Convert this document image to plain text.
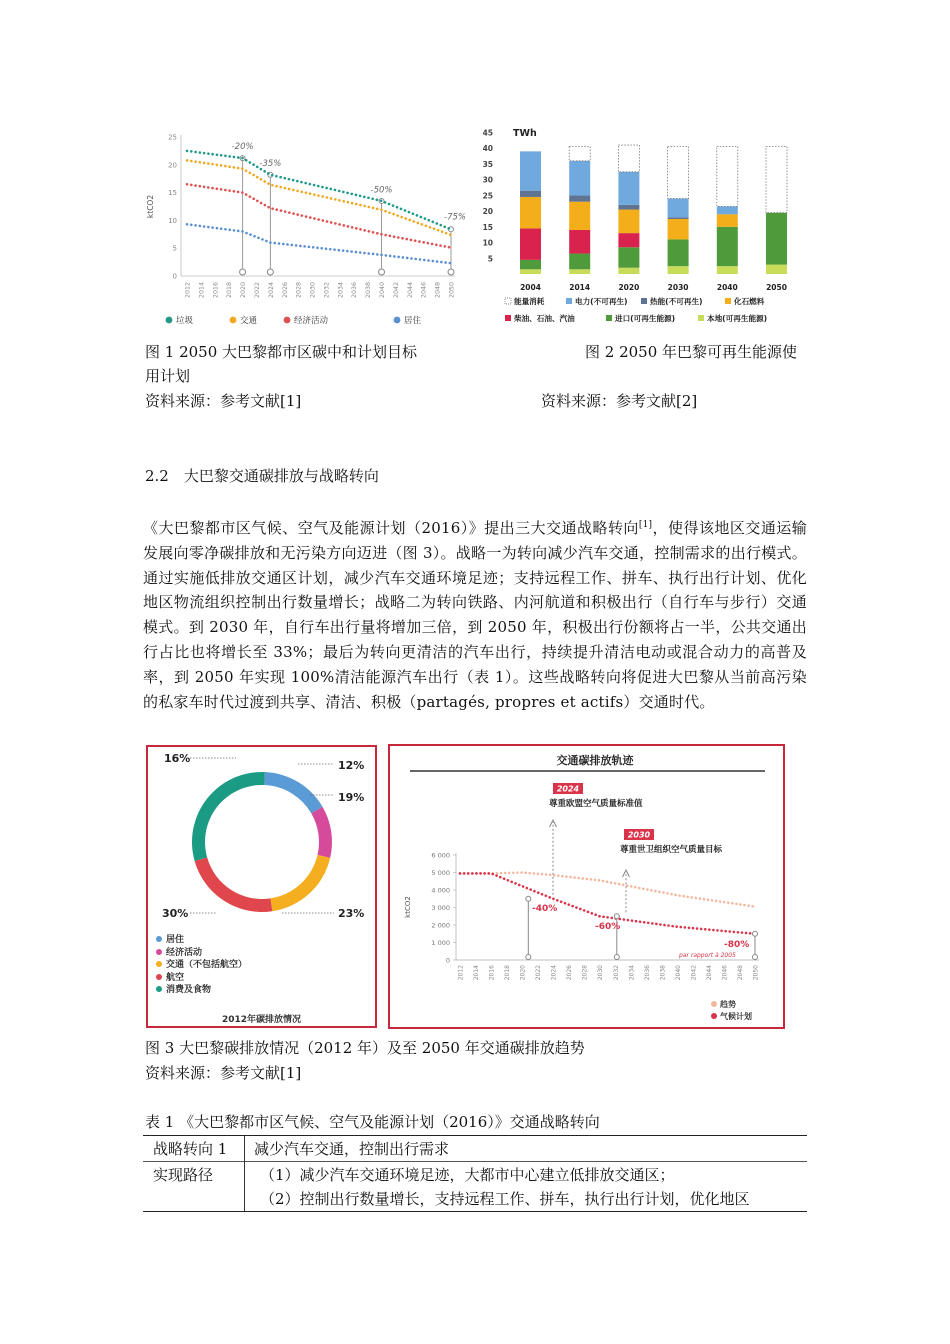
0
5
10
15
20
25
ktCO2
2012 2014 2016 2018 2020 2022 2024 2026 2028 2030 2032 2034 2036 2038 2040 2042 2044 2046 2048 2050
-20%
-35%
-50%
-75%
垃圾	交通	经济活动	居住
5
10
15
20
25
30
35
40
45 TWh
2004	2014	2020	2030	2040	2050
能量消耗	电力(不可再生)	热能(不可再生)	化石燃料
柴油、石油、汽油	进口(可再生能源)	本地(可再生能源)
图 1 2050 大巴黎都市区碳中和计划目标
用计划
图 2 2050 年巴黎可再生能源使
资料来源：参考文献[1]	资料来源：参考文献[2]
2.2　大巴黎交通碳排放与战略转向
《大巴黎都市区气候、空气及能源计划（2016）》提出三大交通战略转向[1]，使得该地区交通运输发展向零净碳排放和无污染方向迈进（图 3）。战略一为转向减少汽车交通，控制需求的出行模式。通过实施低排放交通区计划，减少汽车交通环境足迹；支持远程工作、拼车、执行出行计划、优化地区物流组织控制出行数量增长；战略二为转向铁路、内河航道和积极出行（自行车与步行）交通模式。到 2030 年，自行车出行量将增加三倍，到 2050 年，积极出行份额将占一半，公共交通出行占比也将增长至 33%；最后为转向更清洁的汽车出行，持续提升清洁电动或混合动力的高普及率，到 2050 年实现 100%清洁能源汽车出行（表 1）。这些战略转向将促进大巴黎从当前高污染的私家车时代过渡到共享、清洁、积极（partagés, propres et actifs）交通时代。
16%
12%
19%
30%	23%
居住
经济活动
交通（不包括航空）
航空
消费及食物
2012年碳排放情况
交通碳排放轨迹
0
1 000
2 000
3 000
4 000
5 000
6 000
ktCO2
2012 2014 2016 2018 2020 2022 2024 2026 2028 2030 2032 2034 2036 2038 2040 2042 2044 2046 2048 2050
2024
尊重欧盟空气质量标准值
2030
尊重世卫组织空气质量目标
-40%
-60%
-80%
par rapport à 2005
趋势
气候计划
图 3 大巴黎碳排放情况（2012 年）及至 2050 年交通碳排放趋势
资料来源：参考文献[1]
表 1 《大巴黎都市区气候、空气及能源计划（2016）》交通战略转向
战略转向 1 减少汽车交通，控制出行需求
实现路径	（1）减少汽车交通环境足迹，大都市中心建立低排放交通区；
（2）控制出行数量增长，支持远程工作、拼车，执行出行计划，优化地区
